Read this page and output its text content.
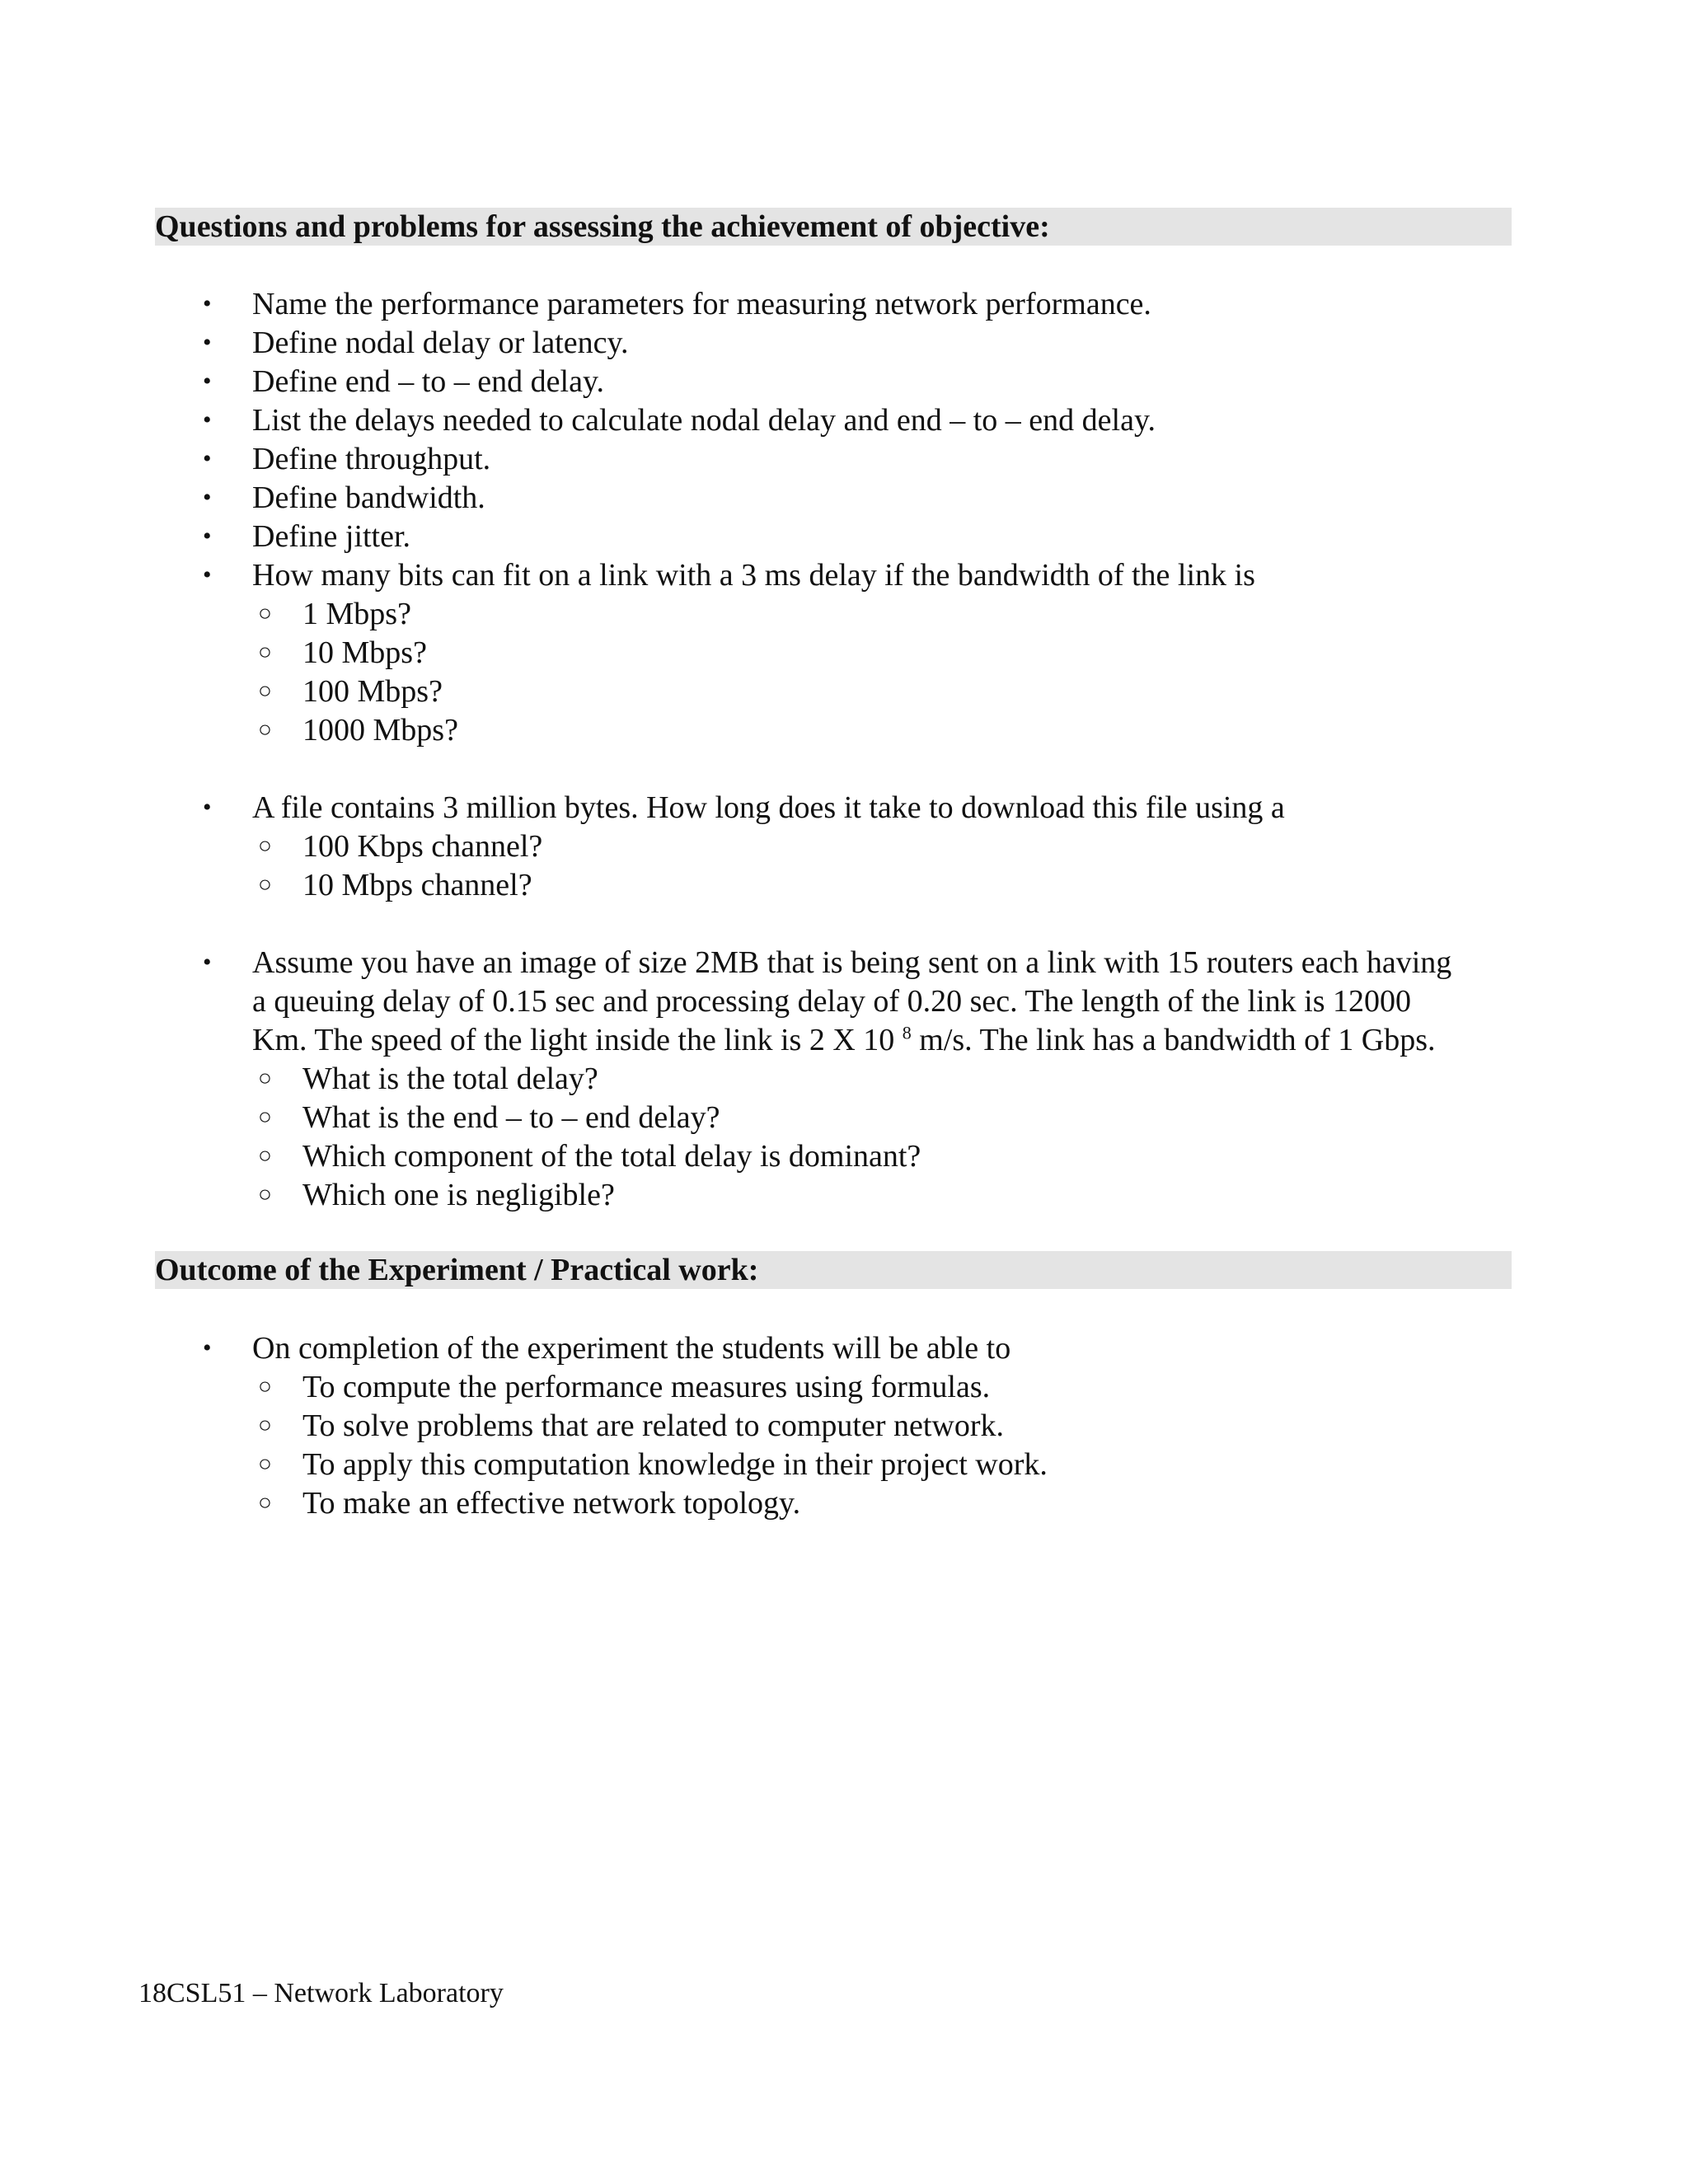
Questions and problems for assessing the achievement of objective:
• Name the performance parameters for measuring network performance.
• Define nodal delay or latency.
• Define end – to – end delay.
• List the delays needed to calculate nodal delay and end – to – end delay.
• Define throughput.
• Define bandwidth.
• Define jitter.
• How many bits can fit on a link with a 3 ms delay if the bandwidth of the link is
○ 1 Mbps?
○ 10 Mbps?
○ 100 Mbps?
○ 1000 Mbps?
• A file contains 3 million bytes. How long does it take to download this file using a
○ 100 Kbps channel?
○ 10 Mbps channel?
• Assume you have an image of size 2MB that is being sent on a link with 15 routers each having
a queuing delay of 0.15 sec and processing delay of 0.20 sec. The length of the link is 12000
Km. The speed of the light inside the link is 2 X 10 $^8$ m/s. The link has a bandwidth of 1 Gbps.
○ What is the total delay?
○ What is the end – to – end delay?
○ Which component of the total delay is dominant?
○ Which one is negligible?
Outcome of the Experiment / Practical work:
• On completion of the experiment the students will be able to
○ To compute the performance measures using formulas.
○ To solve problems that are related to computer network.
○ To apply this computation knowledge in their project work.
○ To make an effective network topology.
18CSL51 – Network Laboratory
